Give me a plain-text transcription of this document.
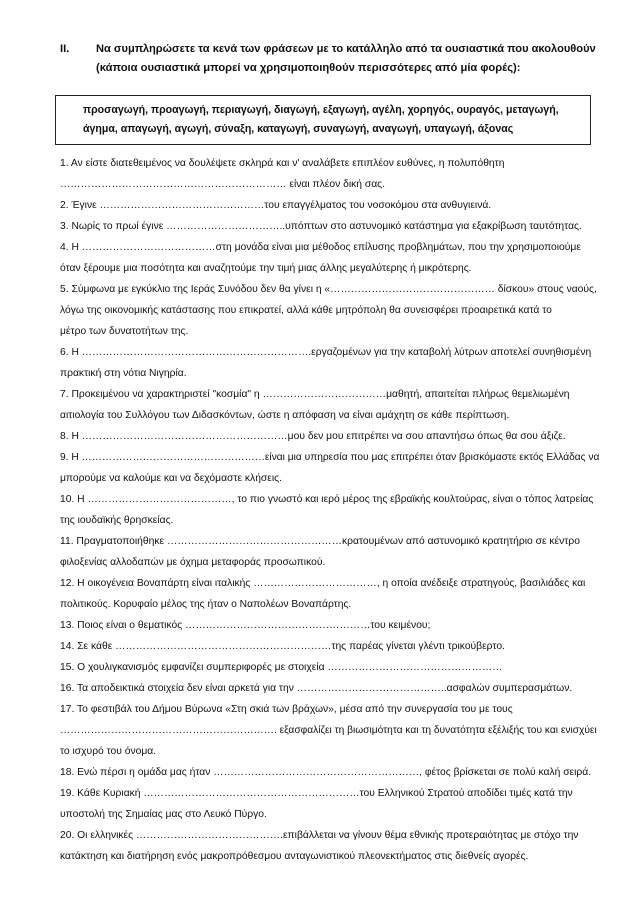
II. Να συμπληρώσετε τα κενά των φράσεων με το κατάλληλο από τα ουσιαστικά που ακολουθούν
(κάποια ουσιαστικά μπορεί να χρησιμοποιηθούν περισσότερες από μία φορές):
προσαγωγή, προαγωγή, περιαγωγή, διαγωγή, εξαγωγή, αγέλη, χορηγός, ουραγός, μεταγωγή,
άγημα, απαγωγή, αγωγή, σύναξη, καταγωγή, συναγωγή, αναγωγή, υπαγωγή, άξονας
1. Αν είστε διατεθειμένος να δουλέψετε σκληρά και ν' αναλάβετε επιπλέον ευθύνες, η πολυπόθητη
………………………………………………………… είναι πλέον δική σας.
2. Έγινε …………………………………………του επαγγέλματος του νοσοκόμου στα ανθυγιεινά.
3. Νωρίς το πρωί έγινε ……………………………..υπόπτων στο αστυνομικό κατάστημα για εξακρίβωση ταυτότητας.
4. Η …………………………………στη μονάδα είναι μια μέθοδος επίλυσης προβλημάτων, που την χρησιμοποιούμε
όταν ξέρουμε μια ποσότητα και αναζητούμε την τιμή μιας άλλης μεγαλύτερης ή μικρότερης.
5. Σύμφωνα με εγκύκλιο της Ιεράς Συνόδου δεν θα γίνει η «………………………………………… δίσκου» στους ναούς,
λόγω της οικονομικής κατάστασης που επικρατεί, αλλά κάθε μητρόπολη θα συνεισφέρει προαιρετικά κατά το
μέτρο των δυνατοτήτων της.
6. Η ………………………………………………………….εργαζομένων για την καταβολή λύτρων αποτελεί συνηθισμένη
πρακτική στη νότια Νιγηρία.
7. Προκειμένου να χαρακτηριστεί "κοσμία" η ………………………………μαθητή, απαιτείται πλήρως θεμελιωμένη
αιτιολογία του Συλλόγου των Διδασκόντων, ώστε η απόφαση να είναι αμάχητη σε κάθε περίπτωση.
8. Η ……………………………………………………μου δεν μου επιτρέπει να σου απαντήσω όπως θα σου άξιζε.
9. Η ………………………………………………είναι μια υπηρεσία που μας επιτρέπει όταν βρισκόμαστε εκτός Ελλάδας να
μπορούμε να καλούμε και να δεχόμαστε κλήσεις.
10. Η ……………………………………, το πιο γνωστό και ιερό μέρος της εβραϊκής κουλτούρας, είναι ο τόπος λατρείας
της ιουδαϊκής θρησκείας.
11. Πραγματοποιήθηκε ……………………………………………κρατουμένων από αστυνομικό κρατητήριο σε κέντρο
φιλοξενίας αλλοδαπών με όχημα μεταφοράς προσωπικού.
12. Η οικογένεια Βοναπάρτη είναι ιταλικής ………………………………, η οποία ανέδειξε στρατηγούς, βασιλιάδες και
πολιτικούς. Κορυφαίο μέλος της ήταν ο Ναπολέων Βοναπάρτης.
13. Ποιος είναι ο θεματικός ………………………………………………του κειμένου;
14. Σε κάθε ………………………………………………………της παρέας γίνεται γλέντι τρικούβερτο.
15. Ο χουλιγκανισμός εμφανίζει συμπεριφορές με στοιχεία ……………………………………………
16. Τα αποδεικτικά στοιχεία δεν είναι αρκετά για την ……………………………………..ασφαλών συμπερασμάτων.
17. Το φεστιβάλ του Δήμου Βύρωνα «Στη σκιά των βράχων», μέσα από την συνεργασία του με τους
………………………………………………………. εξασφαλίζει τη βιωσιμότητα και τη δυνατότητα εξέλιξής του και ενισχύει
το ισχυρό του όνομα.
18. Ενώ πέρσι η ομάδα μας ήταν ……………………………………………………, φέτος βρίσκεται σε πολύ καλή σειρά.
19. Κάθε Κυριακή ………………………………………………………του Ελληνικού Στρατού αποδίδει τιμές κατά την
υποστολή της Σημαίας μας στο Λευκό Πύργο.
20. Οι ελληνικές …………………………………….επιβάλλεται να γίνουν θέμα εθνικής προτεραιότητας με στόχο την
κατάκτηση και διατήρηση ενός μακροπρόθεσμου ανταγωνιστικού πλεονεκτήματος στις διεθνείς αγορές.
